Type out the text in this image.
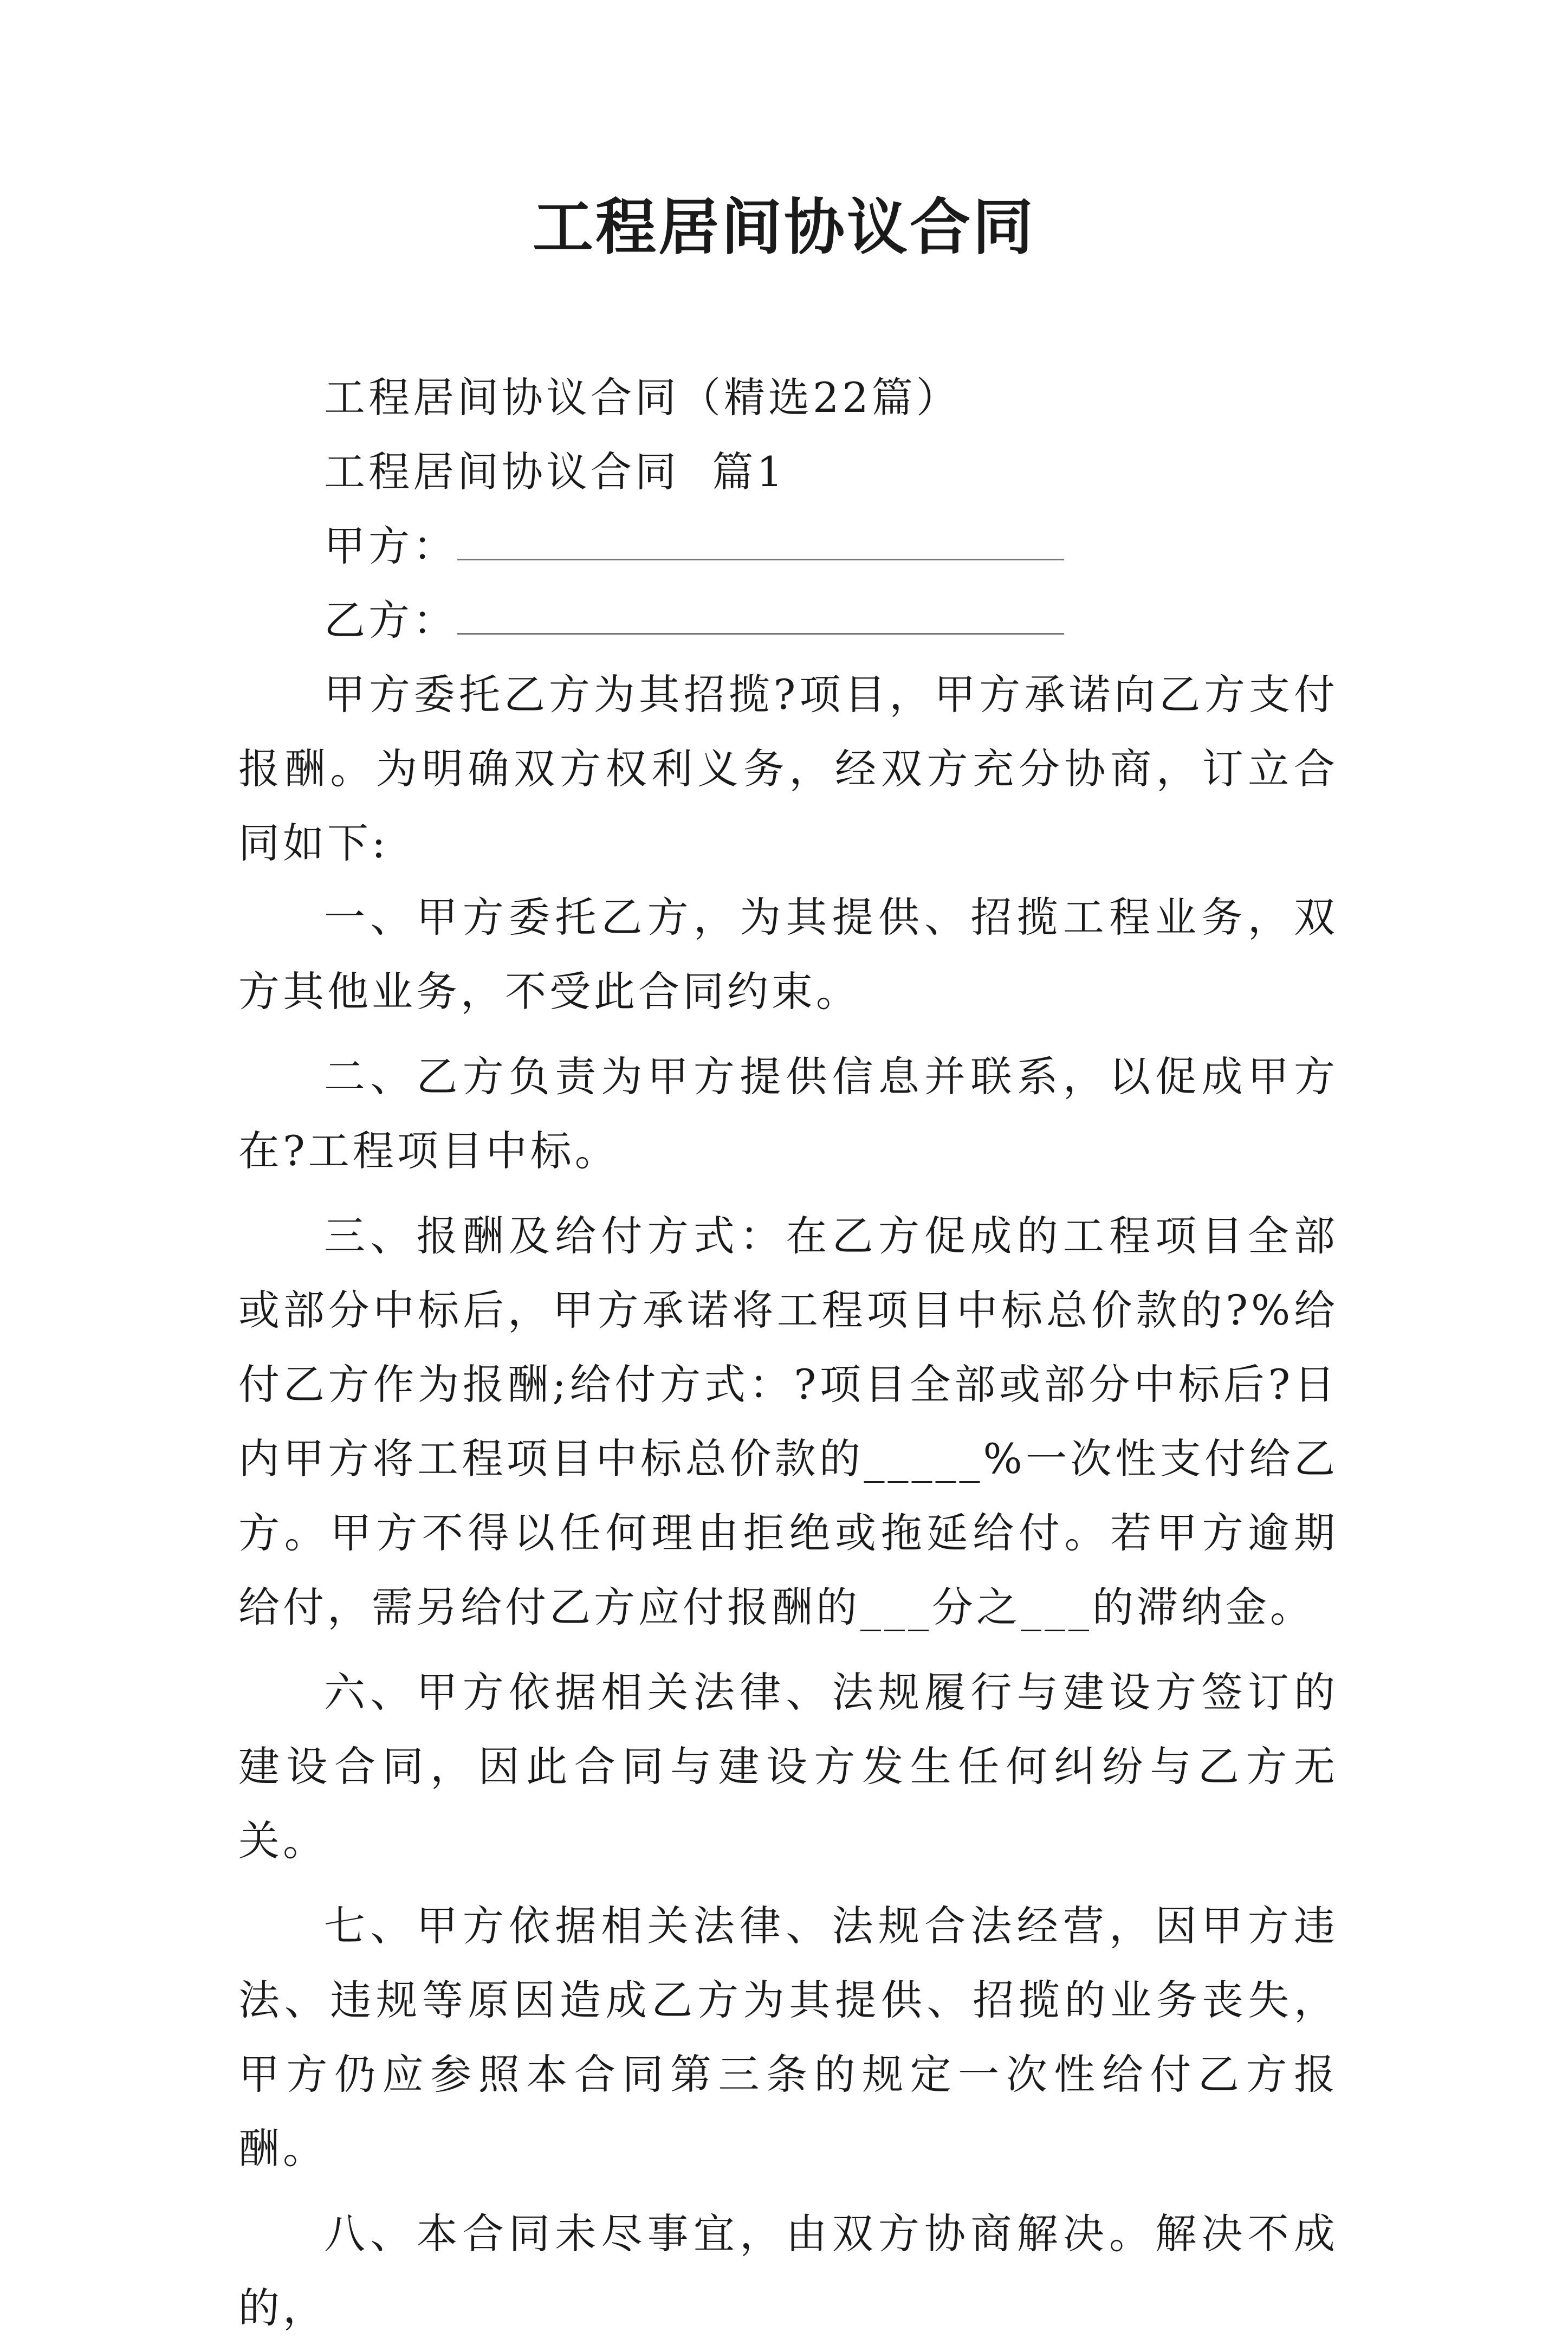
工程居间协议合同
工程居间协议合同（精选22篇）
工程居间协议合同  篇1
甲方：
乙方：

甲方委托乙方为其招揽?项目，甲方承诺向乙方支付报酬。为明确双方权利义务，经双方充分协商，订立合同如下:

一、甲方委托乙方，为其提供、招揽工程业务，双方其他业务，不受此合同约束。

二、乙方负责为甲方提供信息并联系，以促成甲方在?工程项目中标。

三、报酬及给付方式：在乙方促成的工程项目全部或部分中标后，甲方承诺将工程项目中标总价款的?%给付乙方作为报酬;给付方式：?项目全部或部分中标后?日内甲方将工程项目中标总价款的_____%一次性支付给乙方。甲方不得以任何理由拒绝或拖延给付。若甲方逾期给付，需另给付乙方应付报酬的___分之___的滞纳金。

六、甲方依据相关法律、法规履行与建设方签订的建设合同，因此合同与建设方发生任何纠纷与乙方无关。

七、甲方依据相关法律、法规合法经营，因甲方违法、违规等原因造成乙方为其提供、招揽的业务丧失，甲方仍应参照本合同第三条的规定一次性给付乙方报酬。

八、本合同未尽事宜，由双方协商解决。解决不成的，
